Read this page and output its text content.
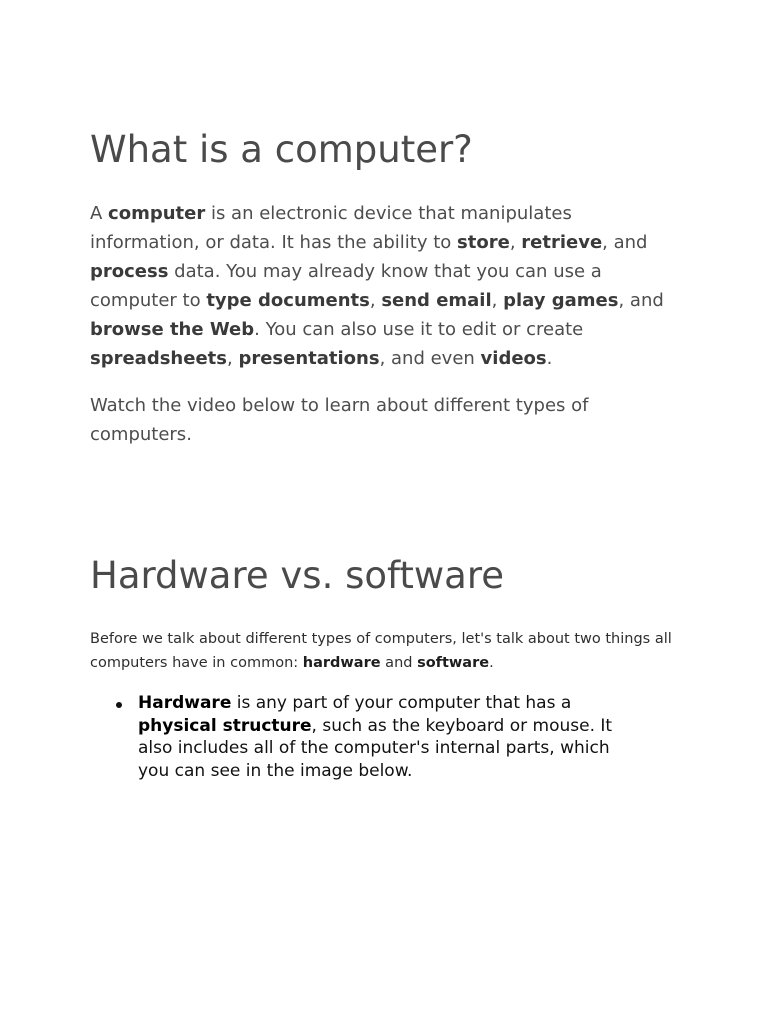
What is a computer?

A computer is an electronic device that manipulates information, or data. It has the ability to store, retrieve, and process data. You may already know that you can use a computer to type documents, send email, play games, and browse the Web. You can also use it to edit or create spreadsheets, presentations, and even videos.

Watch the video below to learn about different types of computers.

Hardware vs. software

Before we talk about different types of computers, let's talk about two things all computers have in common: hardware and software.

Hardware is any part of your computer that has a physical structure, such as the keyboard or mouse. It also includes all of the computer's internal parts, which you can see in the image below.
